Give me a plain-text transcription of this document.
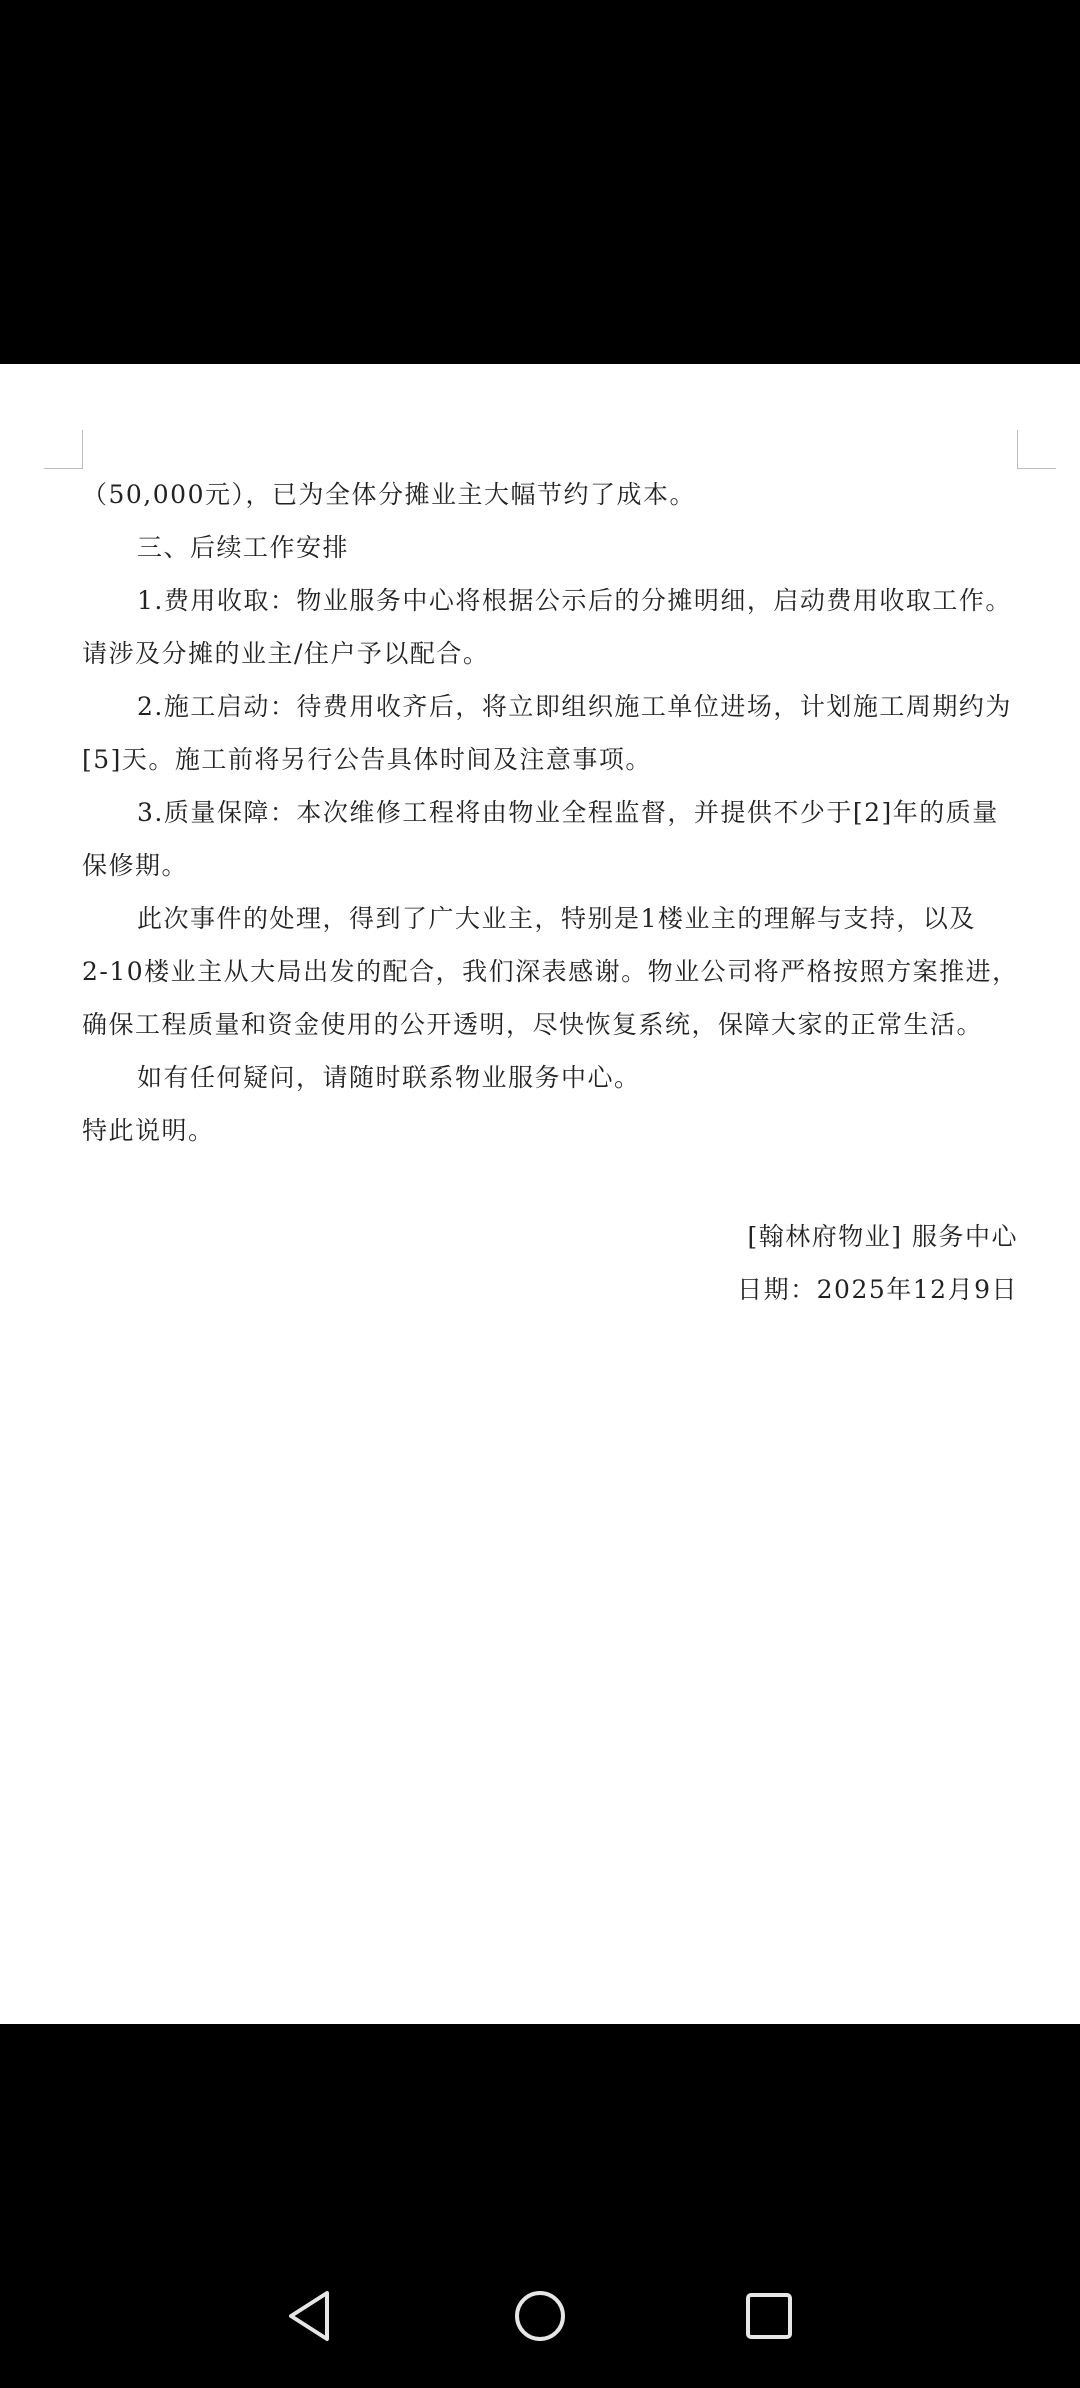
（50,000元），已为全体分摊业主大幅节约了成本。

三、后续工作安排

1.费用收取：物业服务中心将根据公示后的分摊明细，启动费用收取工作。

请涉及分摊的业主/住户予以配合。

2.施工启动：待费用收齐后，将立即组织施工单位进场，计划施工周期约为

[5]天。施工前将另行公告具体时间及注意事项。

3.质量保障：本次维修工程将由物业全程监督，并提供不少于[2]年的质量

保修期。

此次事件的处理，得到了广大业主，特别是1楼业主的理解与支持，以及

2-10楼业主从大局出发的配合，我们深表感谢。物业公司将严格按照方案推进，

确保工程质量和资金使用的公开透明，尽快恢复系统，保障大家的正常生活。

如有任何疑问，请随时联系物业服务中心。

特此说明。

[翰林府物业] 服务中心

日期：2025年12月9日
